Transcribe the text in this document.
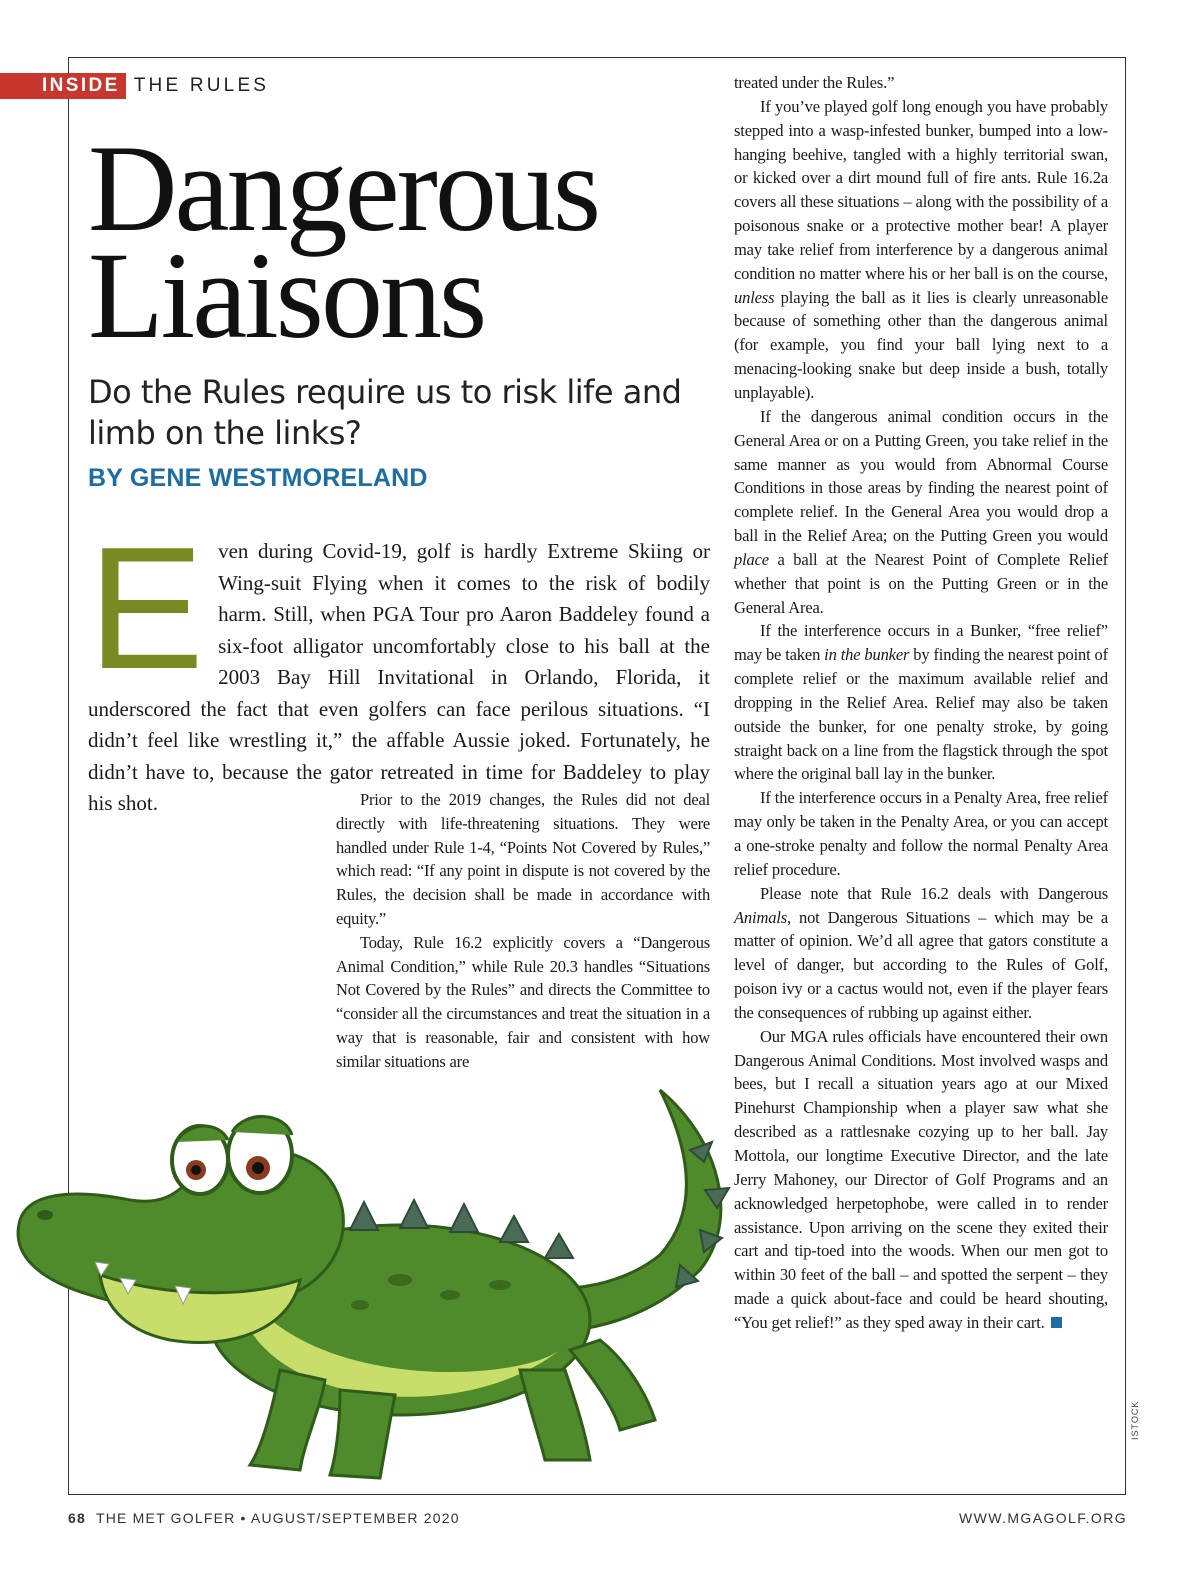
INSIDE THE RULES
Dangerous
Liaisons

Do the Rules require us to risk life and limb on the links?

BY GENE WESTMORELAND

Even during Covid-19, golf is hardly Extreme Skiing or Wing-suit Flying when it comes to the risk of bodily harm. Still, when PGA Tour pro Aaron Baddeley found a six-foot alligator uncomfortably close to his ball at the 2003 Bay Hill Invitational in Orlando, Florida, it underscored the fact that even golfers can face perilous situations. “I didn’t feel like wrestling it,” the affable Aussie joked. Fortunately, he didn’t have to, because the gator retreated in time for Baddeley to play his shot.	Prior to the 2019 changes, the Rules did not deal directly with life-threatening situations. They were handled under Rule 1-4, “Points Not Covered by Rules,” which read: “If any point in dispute is not covered by the Rules, the decision shall be made in accordance with equity.”

Today, Rule 16.2 explicitly covers a “Dangerous Animal Condition,” while Rule 20.3 handles “Situations Not Covered by the Rules” and directs the Committee to “consider all the circumstances and treat the situation in a way that is reasonable, fair and consistent with how similar situations are

treated under the Rules.”

If you’ve played golf long enough you have probably stepped into a wasp-infested bunker, bumped into a low-hanging beehive, tangled with a highly territorial swan, or kicked over a dirt mound full of fire ants. Rule 16.2a covers all these situations – along with the possibility of a poisonous snake or a protective mother bear! A player may take relief from interference by a dangerous animal condition no matter where his or her ball is on the course, unless playing the ball as it lies is clearly unreasonable because of something other than the dangerous animal (for example, you find your ball lying next to a menacing-looking snake but deep inside a bush, totally unplayable).

If the dangerous animal condition occurs in the General Area or on a Putting Green, you take relief in the same manner as you would from Abnormal Course Conditions in those areas by finding the nearest point of complete relief. In the General Area you would drop a ball in the Relief Area; on the Putting Green you would place a ball at the Nearest Point of Complete Relief whether that point is on the Putting Green or in the General Area.

If the interference occurs in a Bunker, “free relief” may be taken in the bunker by finding the nearest point of complete relief or the maximum available relief and dropping in the Relief Area. Relief may also be taken outside the bunker, for one penalty stroke, by going straight back on a line from the flagstick through the spot where the original ball lay in the bunker.

If the interference occurs in a Penalty Area, free relief may only be taken in the Penalty Area, or you can accept a one-stroke penalty and follow the normal Penalty Area relief procedure.

Please note that Rule 16.2 deals with Dangerous Animals, not Dangerous Situations – which may be a matter of opinion. We’d all agree that gators constitute a level of danger, but according to the Rules of Golf, poison ivy or a cactus would not, even if the player fears the consequences of rubbing up against either.

Our MGA rules officials have encountered their own Dangerous Animal Conditions. Most involved wasps and bees, but I recall a situation years ago at our Mixed Pinehurst Championship when a player saw what she described as a rattlesnake cozying up to her ball. Jay Mottola, our longtime Executive Director, and the late Jerry Mahoney, our Director of Golf Programs and an acknowledged herpetophobe, were called in to render assistance. Upon arriving on the scene they exited their cart and tip-toed into the woods. When our men got to within 30 feet of the ball – and spotted the serpent – they made a quick about-face and could be heard shouting, “You get relief!” as they sped away in their cart.

ISTOCK
68 THE MET GOLFER • AUGUST/SEPTEMBER 2020	WWW.MGAGOLF.ORG
